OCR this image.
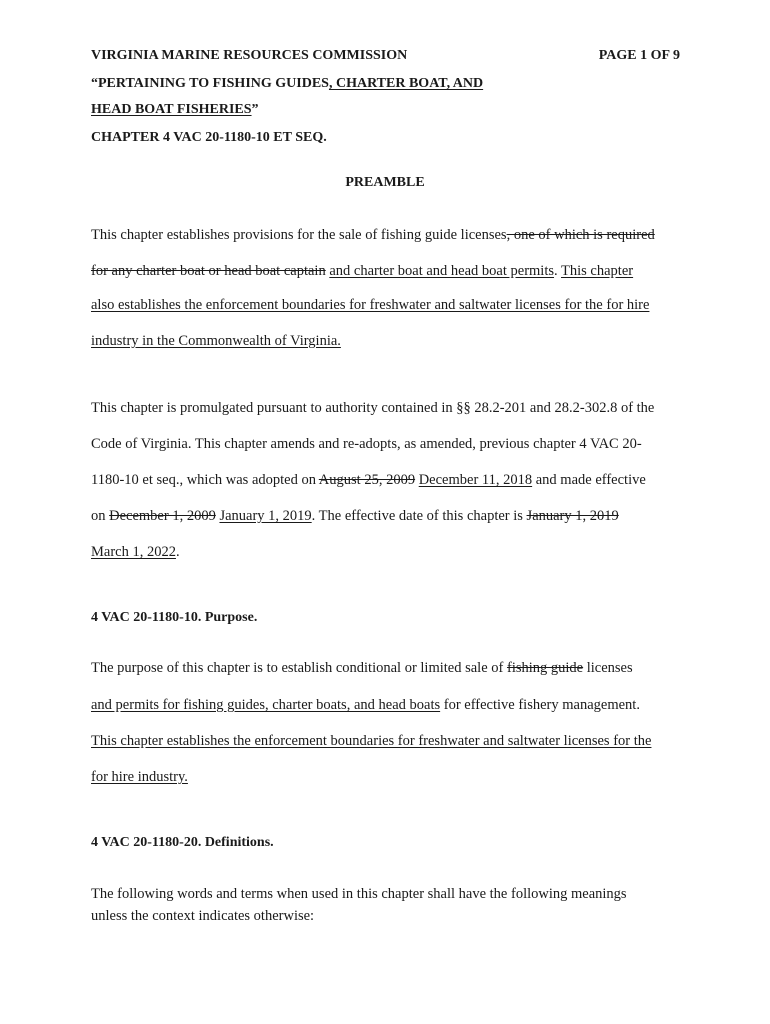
VIRGINIA MARINE RESOURCES COMMISSION	PAGE 1 OF 9
“PERTAINING TO FISHING GUIDES, CHARTER BOAT, AND
HEAD BOAT FISHERIES”
CHAPTER 4 VAC 20-1180-10 ET SEQ.
PREAMBLE
This chapter establishes provisions for the sale of fishing guide licenses, one of which is required
for any charter boat or head boat captain and charter boat and head boat permits. This chapter
also establishes the enforcement boundaries for freshwater and saltwater licenses for the for hire
industry in the Commonwealth of Virginia.
This chapter is promulgated pursuant to authority contained in §§ 28.2-201 and 28.2-302.8 of the
Code of Virginia. This chapter amends and re-adopts, as amended, previous chapter 4 VAC 20-
1180-10 et seq., which was adopted on August 25, 2009 December 11, 2018 and made effective
on December 1, 2009 January 1, 2019. The effective date of this chapter is January 1, 2019
March 1, 2022.
4 VAC 20-1180-10. Purpose.
The purpose of this chapter is to establish conditional or limited sale of fishing guide licenses
and permits for fishing guides, charter boats, and head boats for effective fishery management.
This chapter establishes the enforcement boundaries for freshwater and saltwater licenses for the
for hire industry.
4 VAC 20-1180-20. Definitions.
The following words and terms when used in this chapter shall have the following meanings
unless the context indicates otherwise:
